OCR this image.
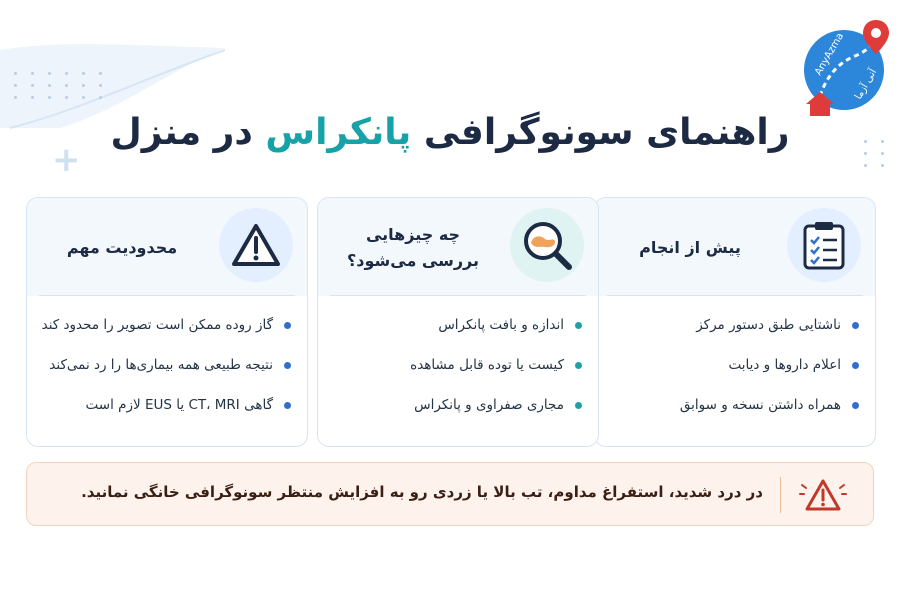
+
AnyAzma
آنی آزما
راهنمای سونوگرافی پانکراس در منزل
پیش از انجام
ناشتایی طبق دستور مرکز
اعلام داروها و دیابت
همراه داشتن نسخه و سوابق
چه چیزهایی
بررسی می‌شود؟
اندازه و بافت پانکراس
کیست یا توده قابل مشاهده
مجاری صفراوی و پانکراس
محدودیت مهم
گاز روده ممکن است تصویر را محدود کند
نتیجه طبیعی همه بیماری‌ها را رد نمی‌کند
گاهی CT، MRI یا EUS لازم است
در درد شدید، استفراغ مداوم، تب بالا یا زردی رو به افزایش منتظر سونوگرافی خانگی نمانید.
